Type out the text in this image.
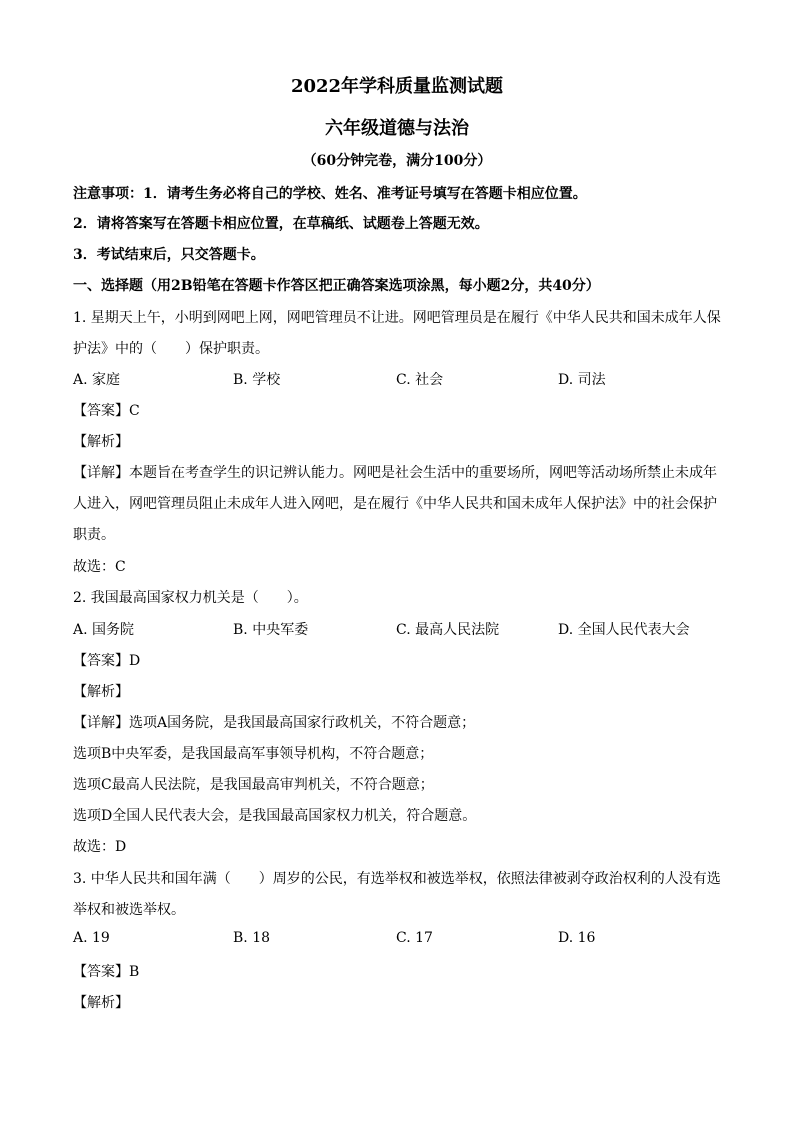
2022年学科质量监测试题
六年级道德与法治
（60分钟完卷，满分100分）
注意事项：1．请考生务必将自己的学校、姓名、准考证号填写在答题卡相应位置。
2．请将答案写在答题卡相应位置，在草稿纸、试题卷上答题无效。
3．考试结束后，只交答题卡。
一、选择题（用2B铅笔在答题卡作答区把正确答案选项涂黑，每小题2分，共40分）
1. 星期天上午，小明到网吧上网，网吧管理员不让进。网吧管理员是在履行《中华人民共和国未成年人保
护法》中的（　　）保护职责。
A. 家庭	B. 学校	C. 社会	D. 司法
【答案】C
【解析】
【详解】本题旨在考查学生的识记辨认能力。网吧是社会生活中的重要场所，网吧等活动场所禁止未成年
人进入，网吧管理员阻止未成年人进入网吧，是在履行《中华人民共和国未成年人保护法》中的社会保护
职责。
故选：C
2. 我国最高国家权力机关是（　　）。
A. 国务院	B. 中央军委	C. 最高人民法院	D. 全国人民代表大会
【答案】D
【解析】
【详解】选项A国务院，是我国最高国家行政机关，不符合题意；
选项B中央军委，是我国最高军事领导机构，不符合题意；
选项C最高人民法院，是我国最高审判机关，不符合题意；
选项D全国人民代表大会，是我国最高国家权力机关，符合题意。
故选：D
3. 中华人民共和国年满（　　）周岁的公民，有选举权和被选举权，依照法律被剥夺政治权利的人没有选
举权和被选举权。
A. 19	B. 18	C. 17	D. 16
【答案】B
【解析】
